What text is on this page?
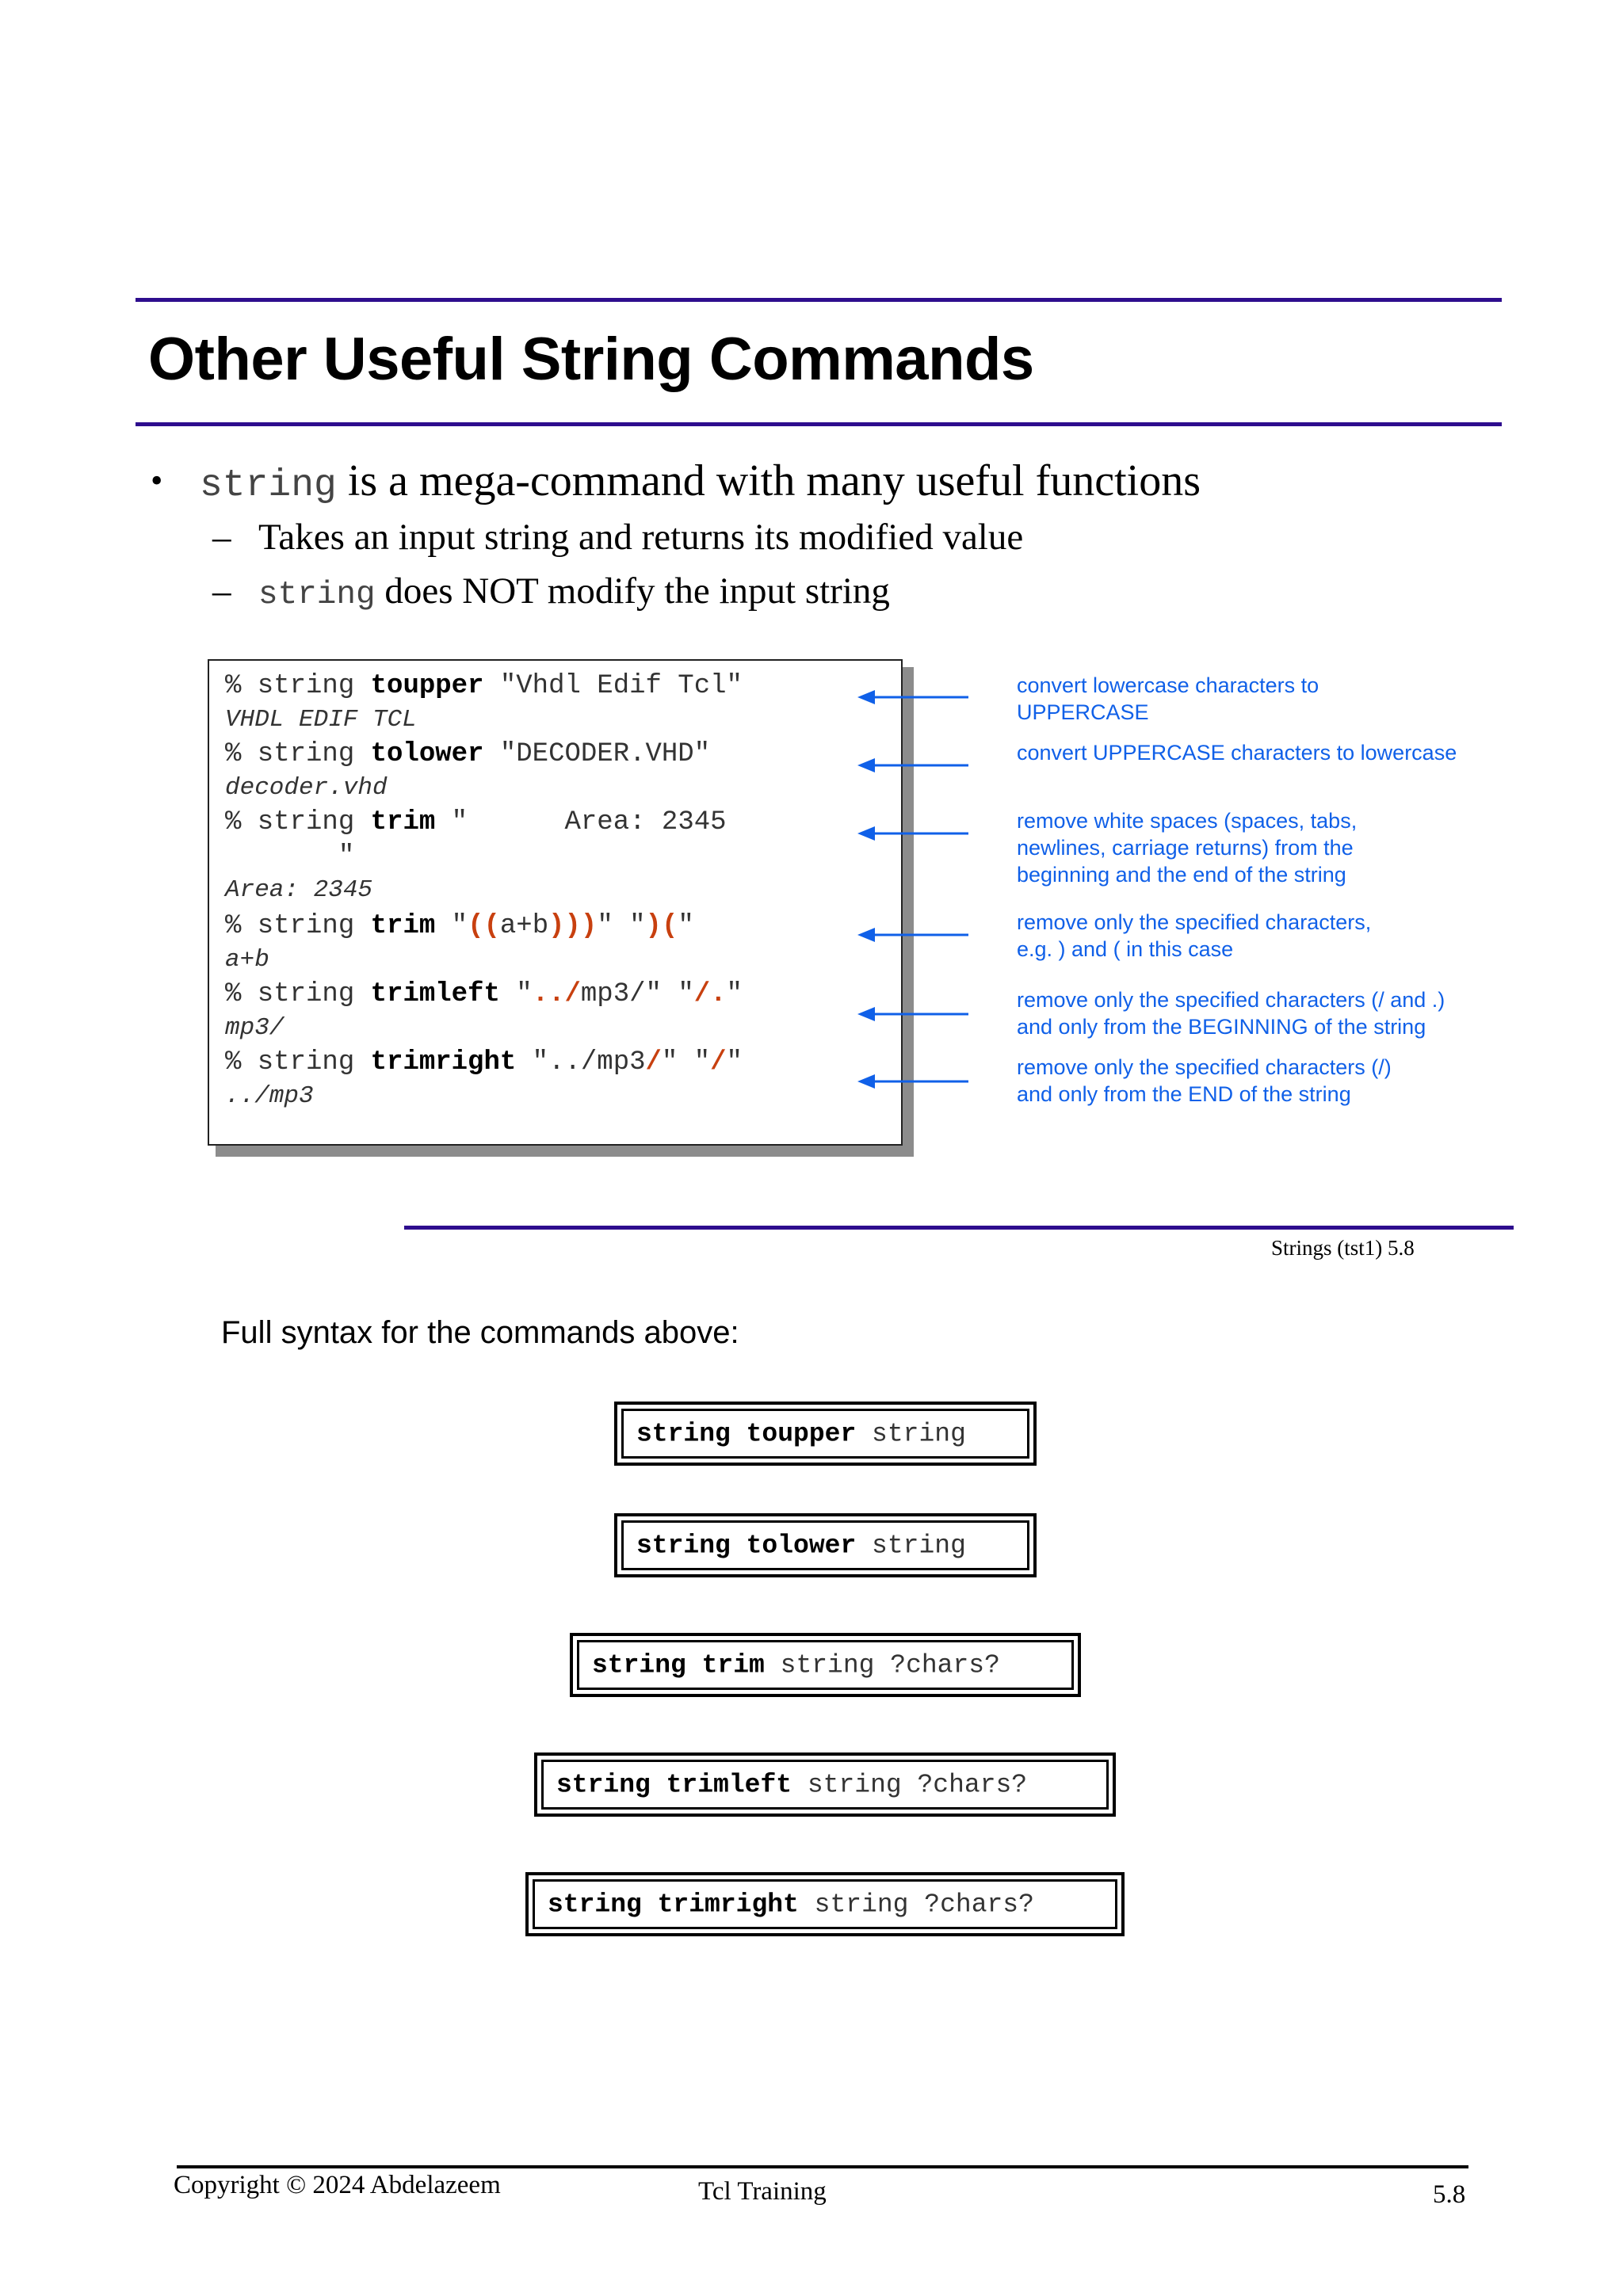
Other Useful String Commands
• string is a mega-command with many useful functions
– Takes an input string and returns its modified value
– string does NOT modify the input string
% string toupper "Vhdl Edif Tcl"
VHDL EDIF TCL
% string tolower "DECODER.VHD"
decoder.vhd
% string trim "      Area: 2345
"
Area: 2345
% string trim "((a+b)))" ")("
a+b
% string trimleft "../mp3/" "/."
mp3/
% string trimright "../mp3/" "/"
../mp3
convert lowercase characters to
UPPERCASE
convert UPPERCASE characters to lowercase
remove white spaces (spaces, tabs,
newlines, carriage returns) from the
beginning and the end of the string
remove only the specified characters,
e.g. ) and ( in this case
remove only the specified characters (/ and .)
and only from the BEGINNING of the string
remove only the specified characters (/)
and only from the END of the string
Strings (tst1) 5.8
Full syntax for the commands above:
string toupper string
string tolower string
string trim string ?chars?
string trimleft string ?chars?
string trimright string ?chars?
Copyright © 2024 Abdelazeem	Tcl Training	5.8
